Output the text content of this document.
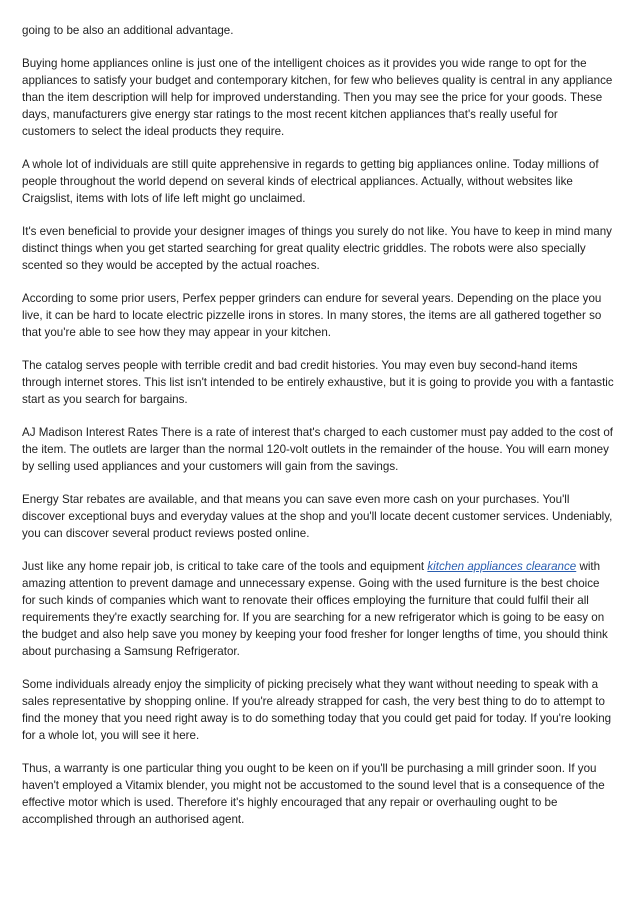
going to be also an additional advantage.

Buying home appliances online is just one of the intelligent choices as it provides you wide range to opt for the appliances to satisfy your budget and contemporary kitchen, for few who believes quality is central in any appliance than the item description will help for improved understanding. Then you may see the price for your goods. These days, manufacturers give energy star ratings to the most recent kitchen appliances that's really useful for customers to select the ideal products they require.

A whole lot of individuals are still quite apprehensive in regards to getting big appliances online. Today millions of people throughout the world depend on several kinds of electrical appliances. Actually, without websites like Craigslist, items with lots of life left might go unclaimed.

It's even beneficial to provide your designer images of things you surely do not like. You have to keep in mind many distinct things when you get started searching for great quality electric griddles. The robots were also specially scented so they would be accepted by the actual roaches.

According to some prior users, Perfex pepper grinders can endure for several years. Depending on the place you live, it can be hard to locate electric pizzelle irons in stores. In many stores, the items are all gathered together so that you're able to see how they may appear in your kitchen.

The catalog serves people with terrible credit and bad credit histories. You may even buy second-hand items through internet stores. This list isn't intended to be entirely exhaustive, but it is going to provide you with a fantastic start as you search for bargains.

AJ Madison Interest Rates There is a rate of interest that's charged to each customer must pay added to the cost of the item. The outlets are larger than the normal 120-volt outlets in the remainder of the house. You will earn money by selling used appliances and your customers will gain from the savings.

Energy Star rebates are available, and that means you can save even more cash on your purchases. You'll discover exceptional buys and everyday values at the shop and you'll locate decent customer services. Undeniably, you can discover several product reviews posted online.

Just like any home repair job, is critical to take care of the tools and equipment kitchen appliances clearance with amazing attention to prevent damage and unnecessary expense. Going with the used furniture is the best choice for such kinds of companies which want to renovate their offices employing the furniture that could fulfil their all requirements they're exactly searching for. If you are searching for a new refrigerator which is going to be easy on the budget and also help save you money by keeping your food fresher for longer lengths of time, you should think about purchasing a Samsung Refrigerator.

Some individuals already enjoy the simplicity of picking precisely what they want without needing to speak with a sales representative by shopping online. If you're already strapped for cash, the very best thing to do to attempt to find the money that you need right away is to do something today that you could get paid for today. If you're looking for a whole lot, you will see it here.

Thus, a warranty is one particular thing you ought to be keen on if you'll be purchasing a mill grinder soon. If you haven't employed a Vitamix blender, you might not be accustomed to the sound level that is a consequence of the effective motor which is used. Therefore it's highly encouraged that any repair or overhauling ought to be accomplished through an authorised agent.
